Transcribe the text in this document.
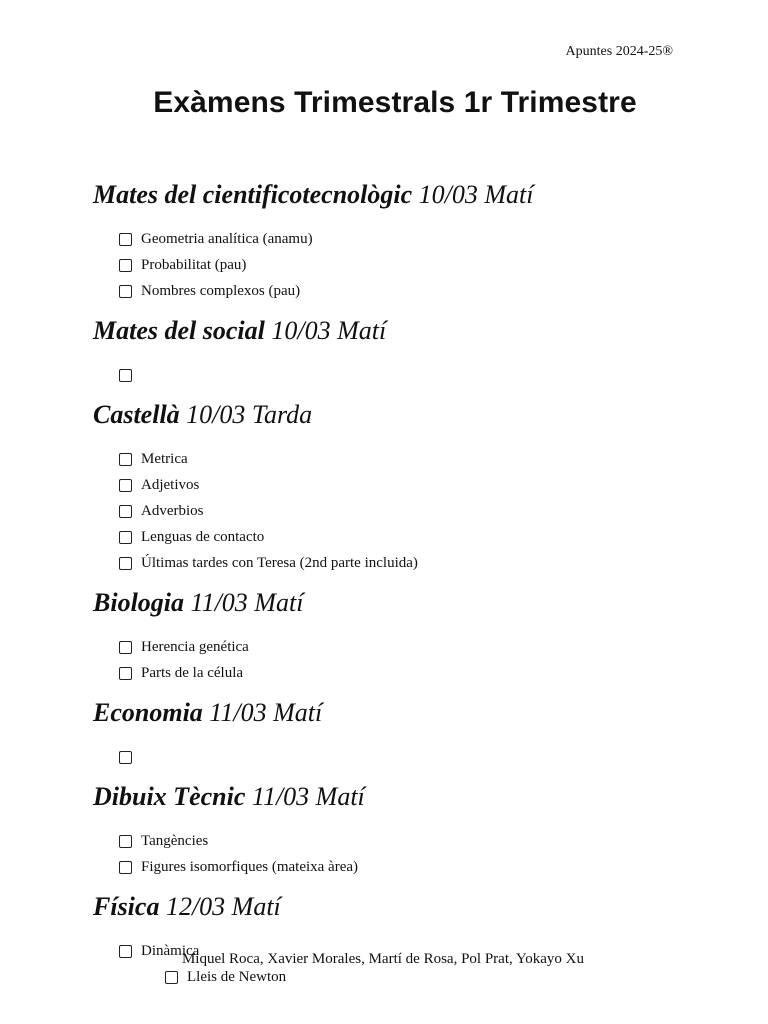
Apuntes 2024-25®
Exàmens Trimestrals 1r Trimestre
Mates del cientificotecnològic 10/03 Matí
Geometria analítica (anamu)
Probabilitat (pau)
Nombres complexos (pau)
Mates del social 10/03 Matí
Castellà 10/03 Tarda
Metrica
Adjetivos
Adverbios
Lenguas de contacto
Últimas tardes con Teresa (2nd parte incluida)
Biologia 11/03 Matí
Herencia genética
Parts de la célula
Economia 11/03 Matí
Dibuix Tècnic 11/03 Matí
Tangències
Figures isomorfiques (mateixa àrea)
Física 12/03 Matí
Dinàmica
Lleis de Newton
Miquel Roca, Xavier Morales, Martí de Rosa, Pol Prat, Yokayo Xu
